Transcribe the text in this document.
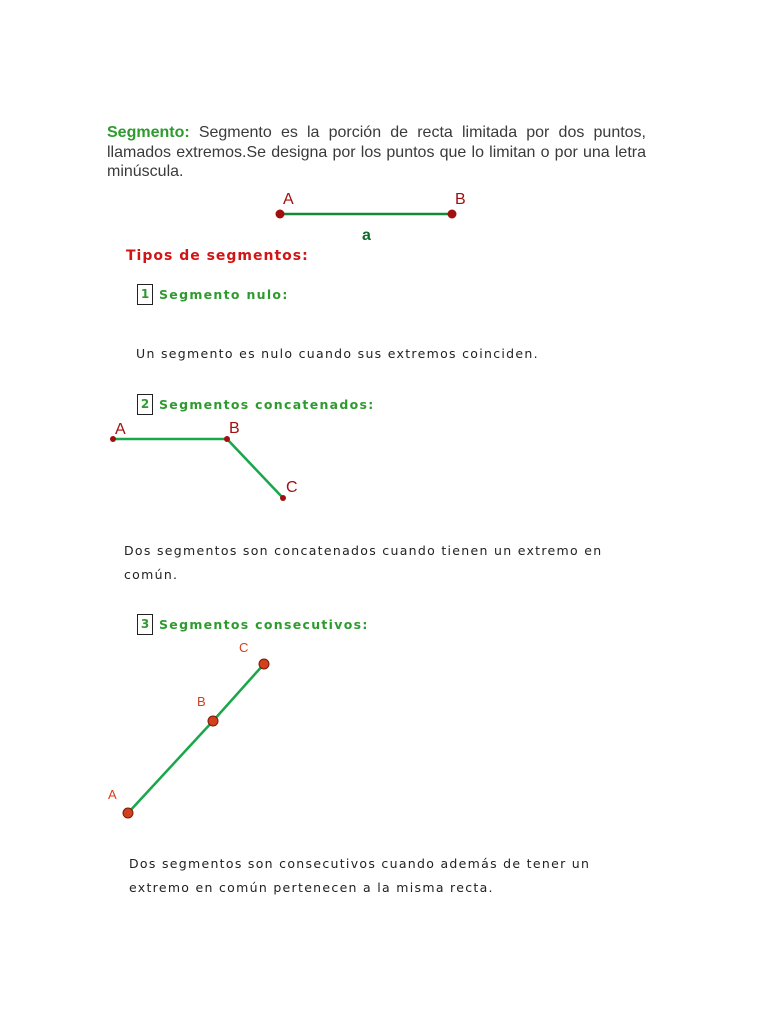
Segmento: Segmento es la porción de recta limitada por dos puntos, llamados extremos.Se designa por los puntos que lo limitan o por una letra minúscula.
A	B
a
Tipos de segmentos:
1 Segmento nulo:
Un segmento es nulo cuando sus extremos coinciden.
2 Segmentos concatenados:
A	B
C
Dos segmentos son concatenados cuando tienen un extremo en común.
3 Segmentos consecutivos:
A
B
C
Dos segmentos son consecutivos cuando además de tener un extremo en común pertenecen a la misma recta.
